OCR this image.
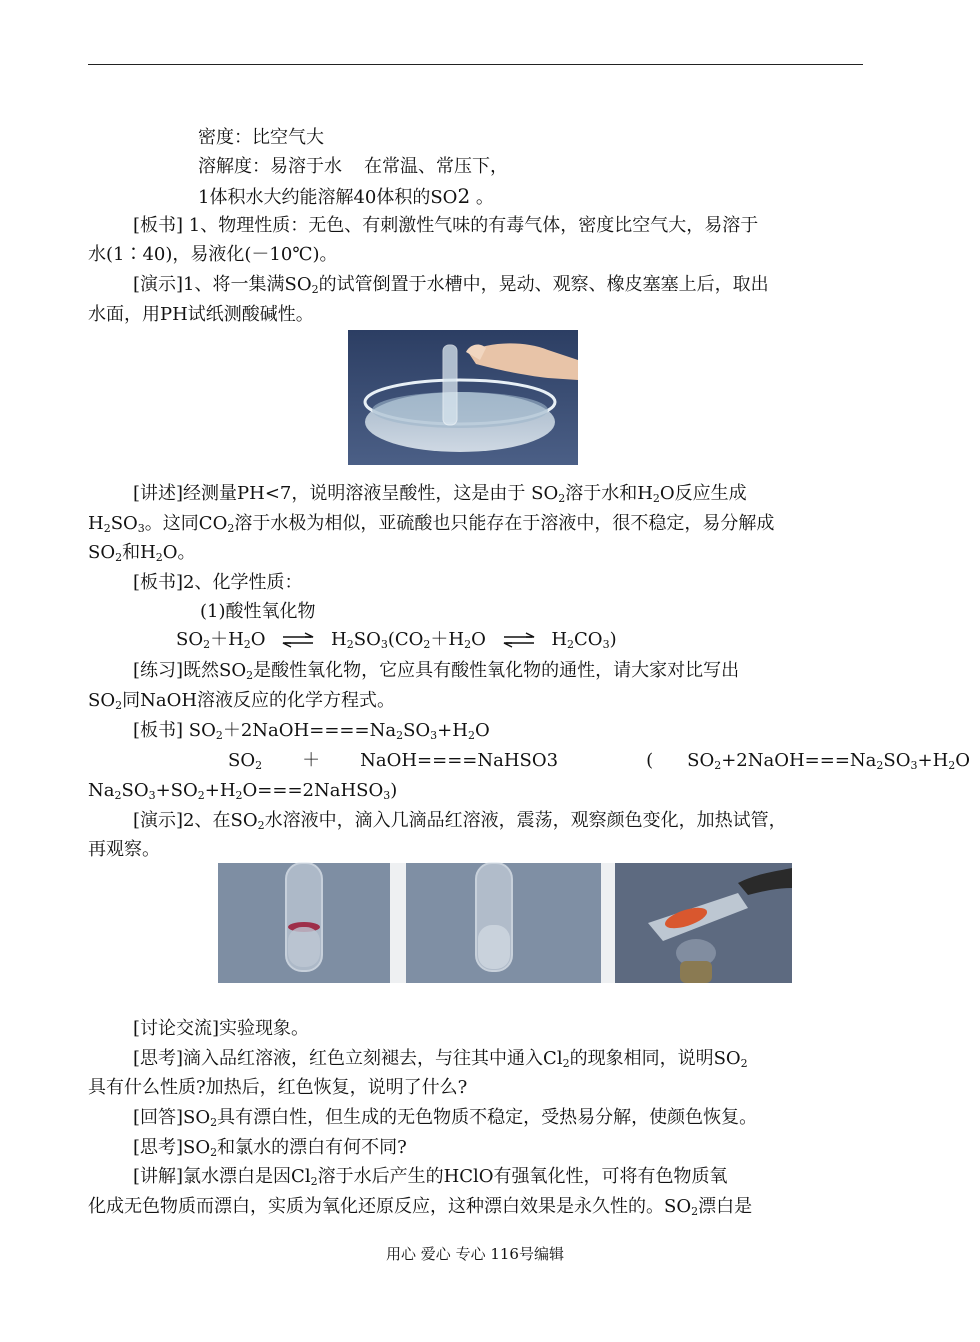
密度：比空气大
溶解度：易溶于水 在常温、常压下，
1体积水大约能溶解40体积的SO2 。
[板书] 1、物理性质：无色、有刺激性气味的有毒气体，密度比空气大，易溶于
水(1∶40)，易液化(－10℃)。
[演示]1、将一集满$SO_2$的试管倒置于水槽中，晃动、观察、橡皮塞塞上后，取出
水面，用PH试纸测酸碱性。
[讲述]经测量PH<7，说明溶液呈酸性，这是由于 $SO_2$溶于水和$H_2O$反应生成
$H_2SO_3$。这同$CO_2$溶于水极为相似，亚硫酸也只能存在于溶液中，很不稳定，易分解成
$SO_2$和$H_2O$。
[板书]2、化学性质：
(1)酸性氧化物
$SO_2+H_2O$ ⇌ $H_2SO_3(CO_2+H_2O$ ⇌ $H_2CO_3$)
[练习]既然$SO_2$是酸性氧化物，它应具有酸性氧化物的通性，请大家对比写出
$SO_2$同NaOH溶液反应的化学方程式。
[板书] $SO_2+2NaOH====Na_2SO_3+H_2O$
$SO_2$ ＋ NaOH====NaHSO3	( $SO_2+2NaOH===Na_2SO_3+H_2O$
$Na_2SO_3+SO_2+H_2O===2NaHSO_3$)
[演示]2、在$SO_2$水溶液中，滴入几滴品红溶液，震荡，观察颜色变化，加热试管，
再观察。
[讨论交流]实验现象。
[思考]滴入品红溶液，红色立刻褪去，与往其中通入$Cl_2$的现象相同，说明$SO_2$
具有什么性质?加热后，红色恢复，说明了什么?
[回答]$SO_2$具有漂白性，但生成的无色物质不稳定，受热易分解，使颜色恢复。
[思考]$SO_2$和氯水的漂白有何不同?
[讲解]氯水漂白是因$Cl_2$溶于水后产生的HClO有强氧化性，可将有色物质氧
化成无色物质而漂白，实质为氧化还原反应，这种漂白效果是永久性的。$SO_2$漂白是
用心 爱心 专心 116号编辑
